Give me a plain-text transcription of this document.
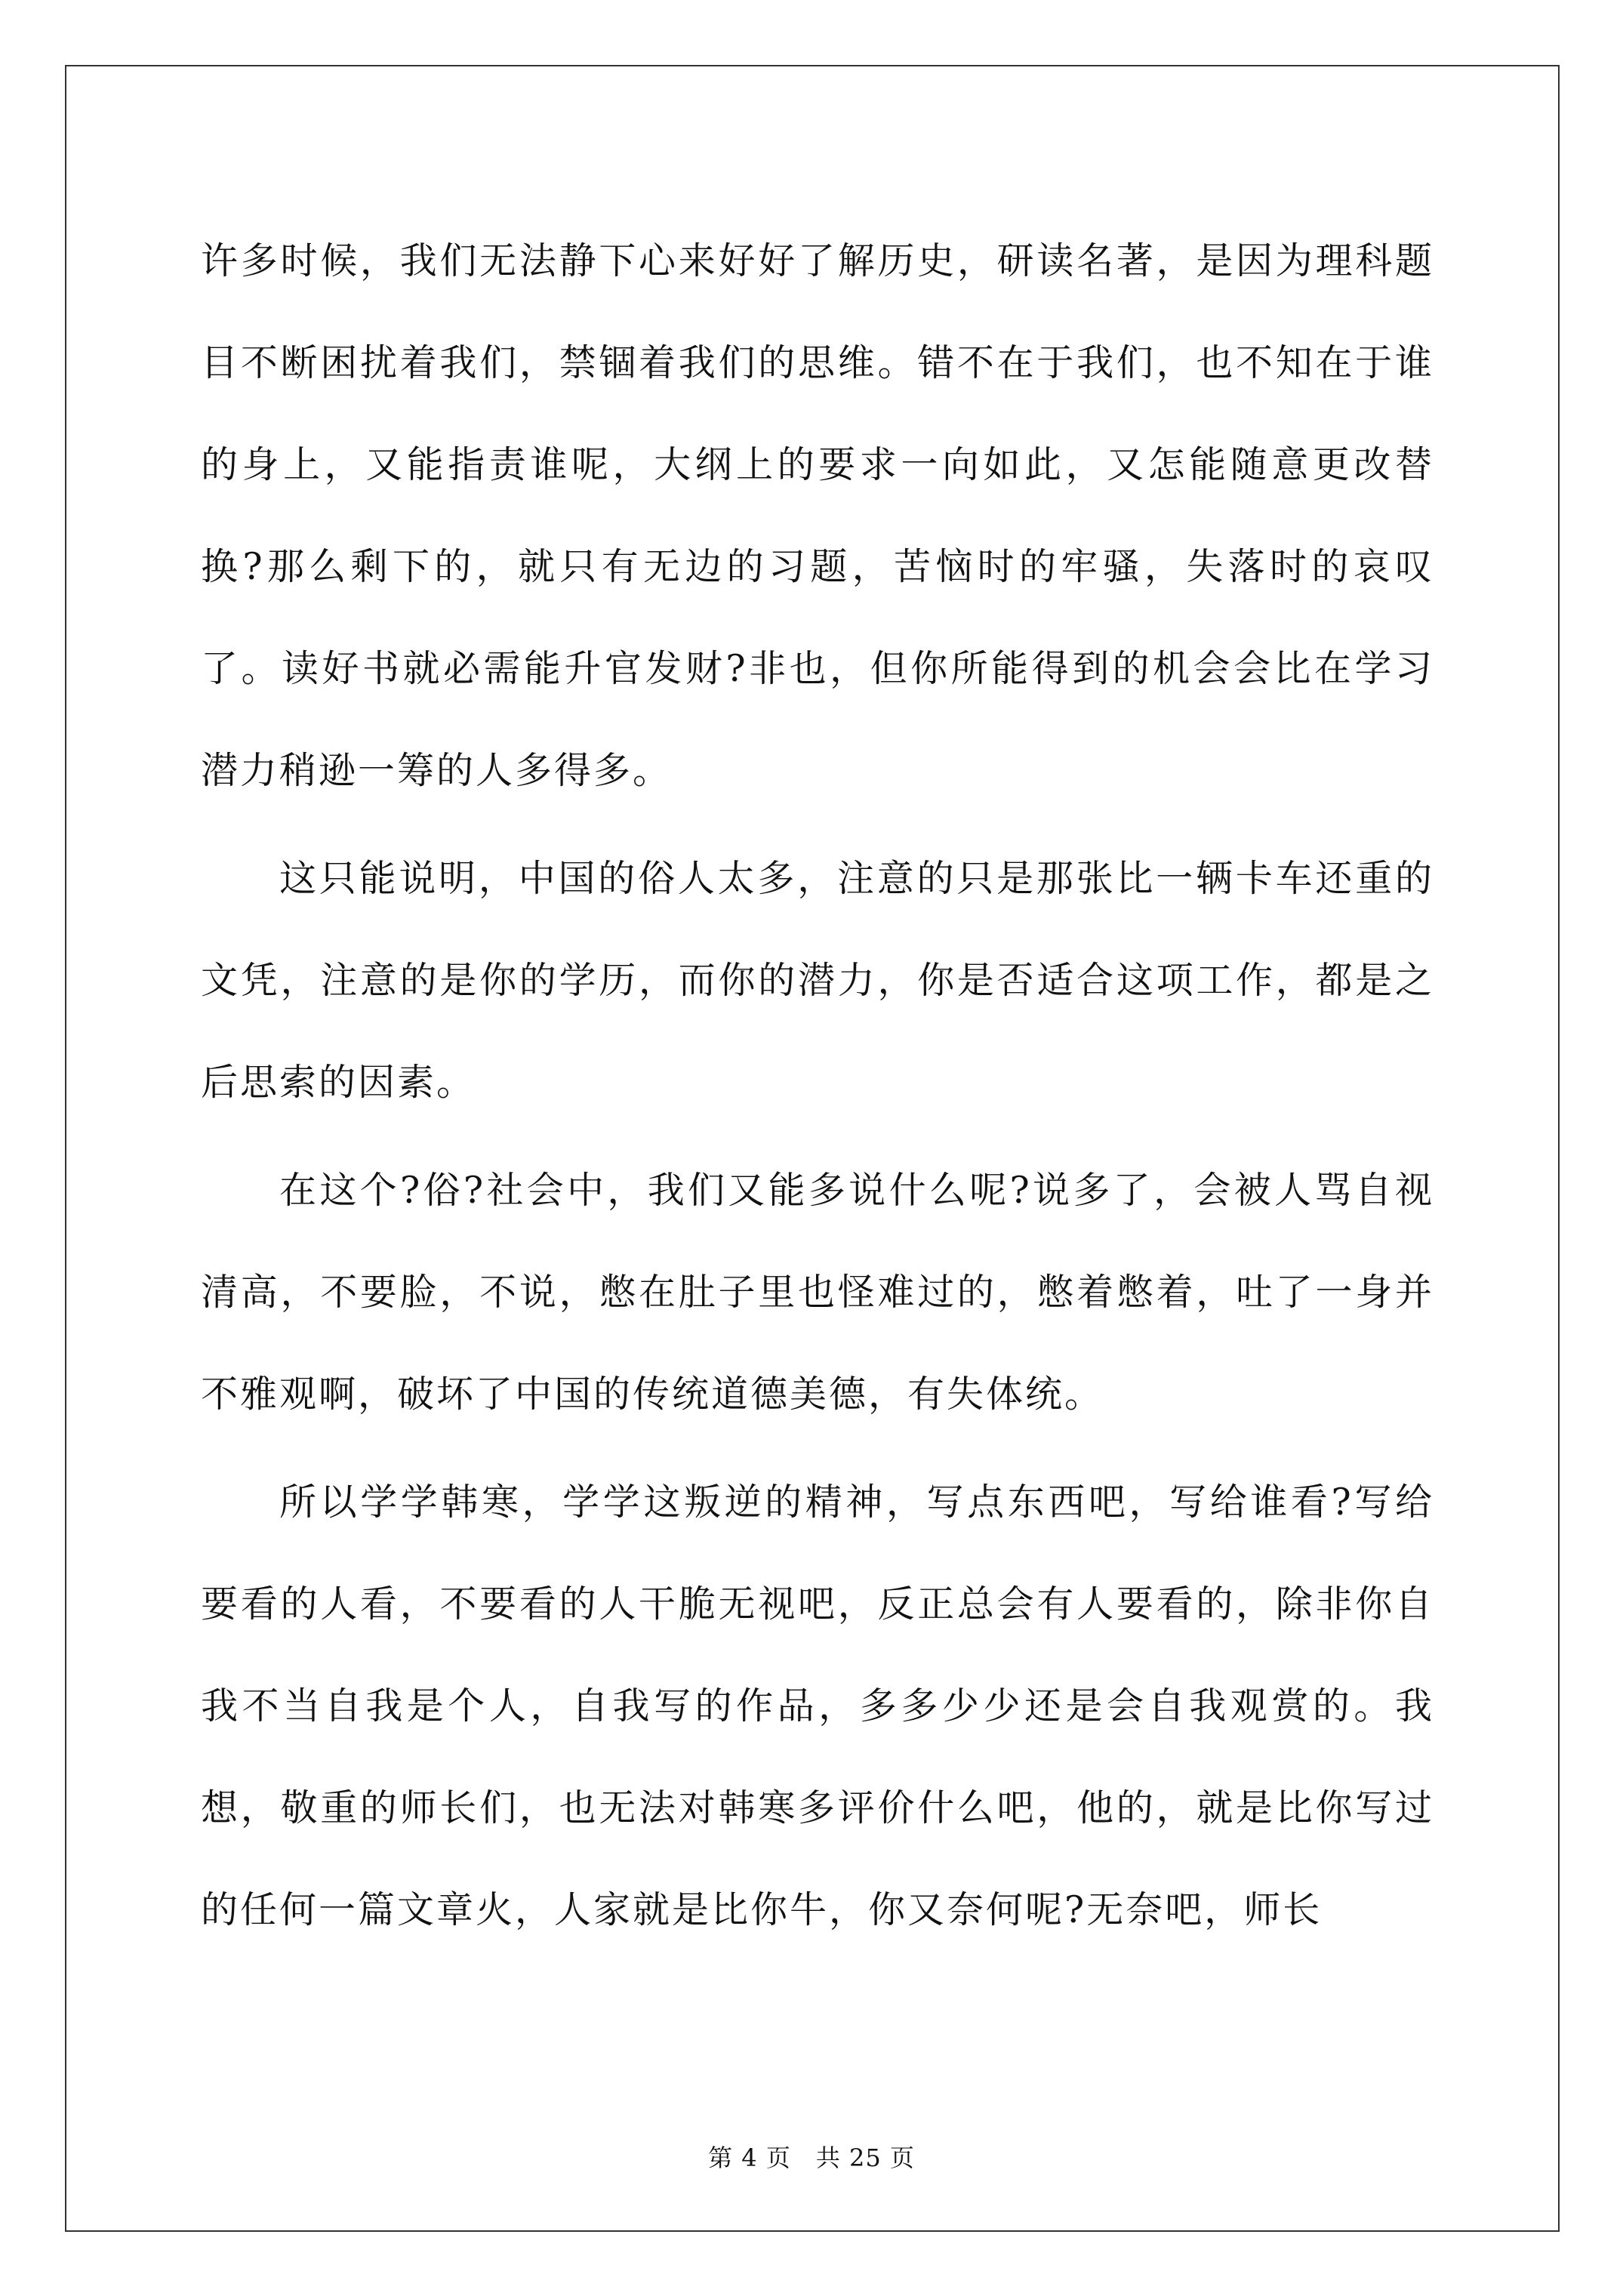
许多时候，我们无法静下心来好好了解历史，研读名著，是因为理科题目不断困扰着我们，禁锢着我们的思维。错不在于我们，也不知在于谁的身上，又能指责谁呢，大纲上的要求一向如此，又怎能随意更改替换?那么剩下的，就只有无边的习题，苦恼时的牢骚，失落时的哀叹了。读好书就必需能升官发财?非也，但你所能得到的机会会比在学习潜力稍逊一筹的人多得多。

这只能说明，中国的俗人太多，注意的只是那张比一辆卡车还重的文凭，注意的是你的学历，而你的潜力，你是否适合这项工作，都是之后思索的因素。

在这个?俗?社会中，我们又能多说什么呢?说多了，会被人骂自视清高，不要脸，不说，憋在肚子里也怪难过的，憋着憋着，吐了一身并不雅观啊，破坏了中国的传统道德美德，有失体统。

所以学学韩寒，学学这叛逆的精神，写点东西吧，写给谁看?写给要看的人看，不要看的人干脆无视吧，反正总会有人要看的，除非你自我不当自我是个人，自我写的作品，多多少少还是会自我观赏的。我想，敬重的师长们，也无法对韩寒多评价什么吧，他的，就是比你写过的任何一篇文章火，人家就是比你牛，你又奈何呢?无奈吧，师长

第 4 页　共 25 页
